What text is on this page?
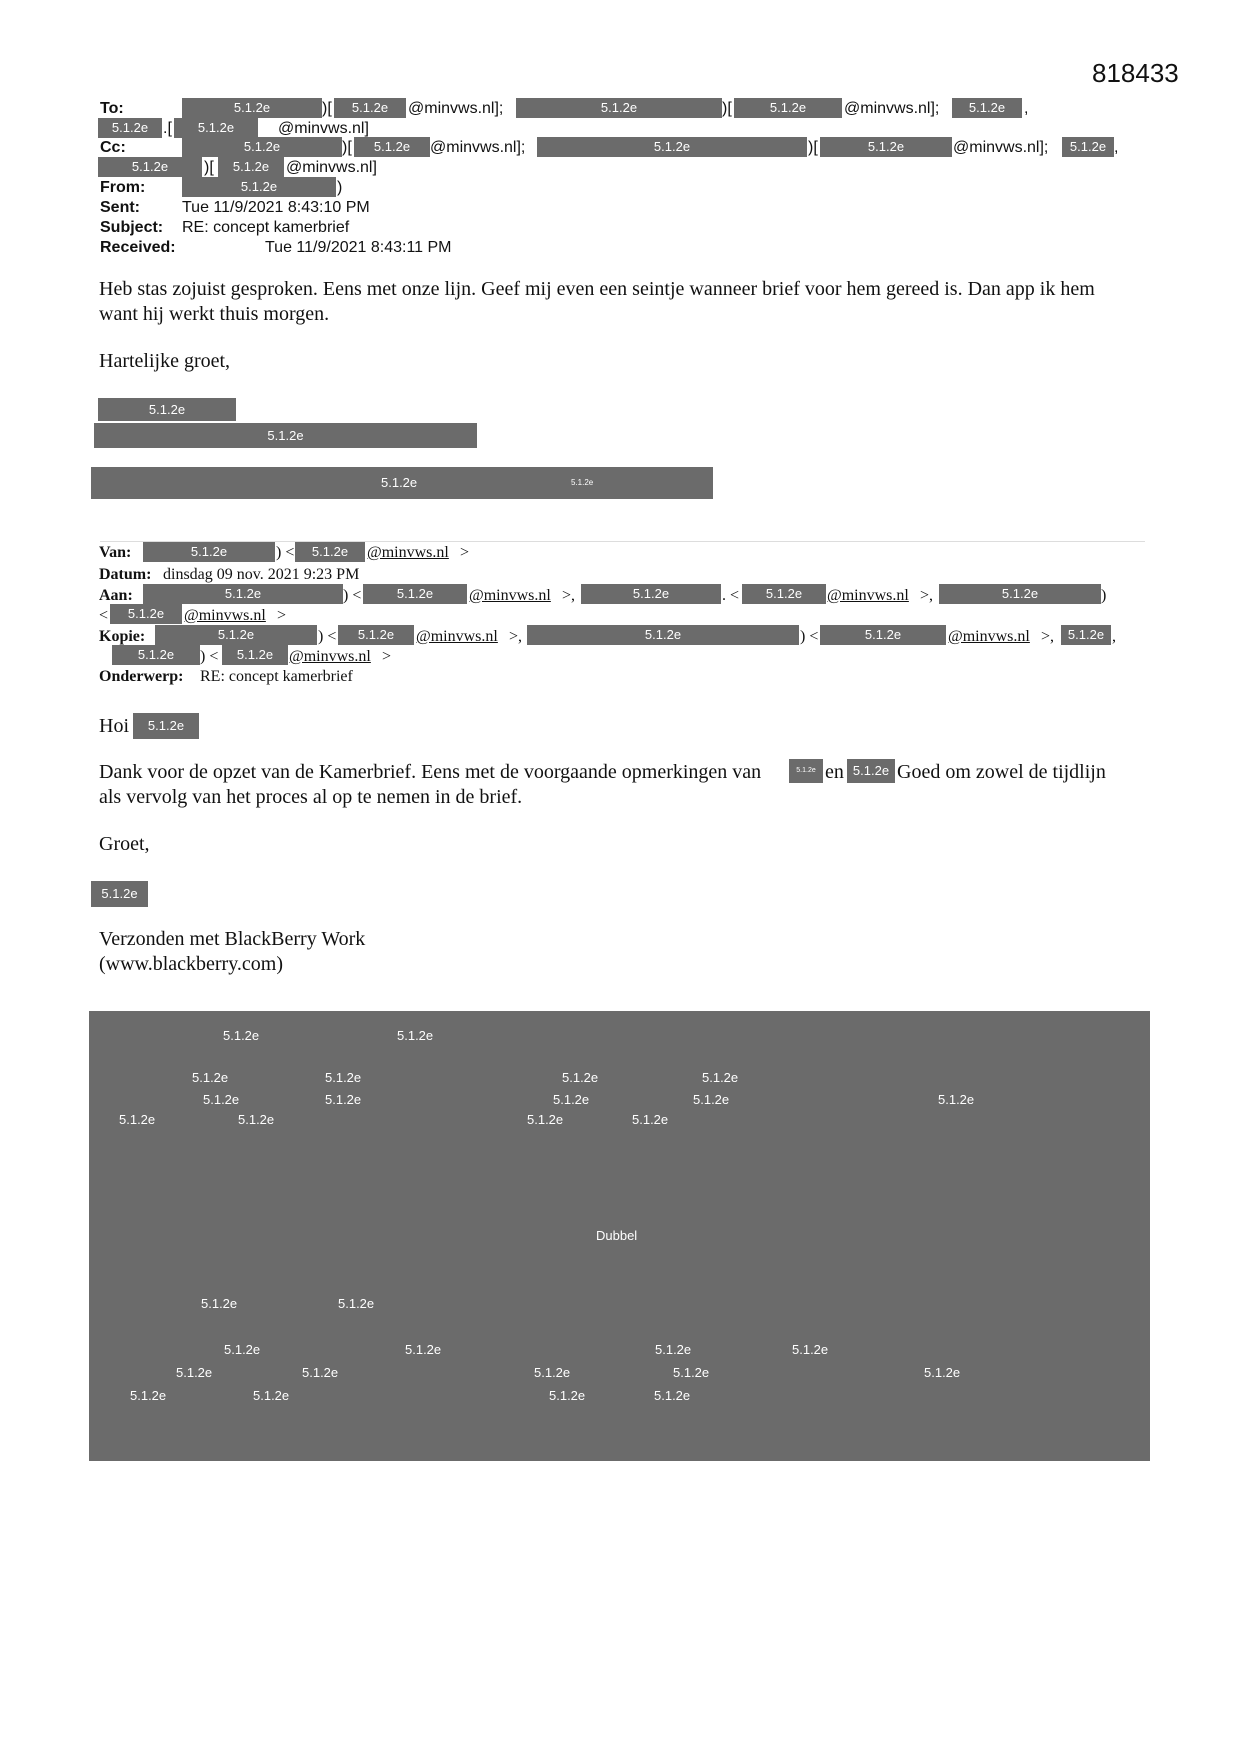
818433
To:	5.1.2e	)[	5.1.2e	@minvws.nl];	5.1.2e	)[	5.1.2e	@minvws.nl];	5.1.2e	,
5.1.2e .[	5.1.2e	@minvws.nl]
Cc:	5.1.2e	)[	5.1.2e	@minvws.nl];	5.1.2e	)[	5.1.2e	@minvws.nl];	5.1.2e ,
5.1.2e	)[	5.1.2e	@minvws.nl]
From:	5.1.2e	)
Sent:	Tue 11/9/2021 8:43:10 PM
Subject: RE: concept kamerbrief
Received:	Tue 11/9/2021 8:43:11 PM
Heb stas zojuist gesproken. Eens met onze lijn. Geef mij even een seintje wanneer brief voor hem gereed is. Dan app ik hem
want hij werkt thuis morgen.
Hartelijke groet,
5.1.2e
5.1.2e
5.1.2e	5.1.2e
Van:	5.1.2e	) <	5.1.2e	@minvws.nl >
Datum: dinsdag 09 nov. 2021 9:23 PM
Aan:	5.1.2e	) <	5.1.2e	@minvws.nl >,	5.1.2e	. <	5.1.2e	@minvws.nl >,	5.1.2e	)
<	5.1.2e	@minvws.nl >
Kopie:	5.1.2e	) <	5.1.2e	@minvws.nl >,	5.1.2e	) <	5.1.2e	@minvws.nl >,	5.1.2e ,
5.1.2e	) <	5.1.2e @minvws.nl >
Onderwerp: RE: concept kamerbrief
Hoi	5.1.2e
Dank voor de opzet van de Kamerbrief. Eens met de voorgaande opmerkingen van	5.1.2e en 5.1.2e Goed om zowel de tijdlijn
als vervolg van het proces al op te nemen in de brief.
Groet,
5.1.2e
Verzonden met BlackBerry Work
(www.blackberry.com)
5.1.2e	5.1.2e
5.1.2e	5.1.2e	5.1.2e	5.1.2e
5.1.2e	5.1.2e	5.1.2e	5.1.2e	5.1.2e
5.1.2e	5.1.2e	5.1.2e	5.1.2e
Dubbel
5.1.2e	5.1.2e
5.1.2e	5.1.2e	5.1.2e	5.1.2e
5.1.2e	5.1.2e	5.1.2e	5.1.2e	5.1.2e
5.1.2e	5.1.2e	5.1.2e	5.1.2e
